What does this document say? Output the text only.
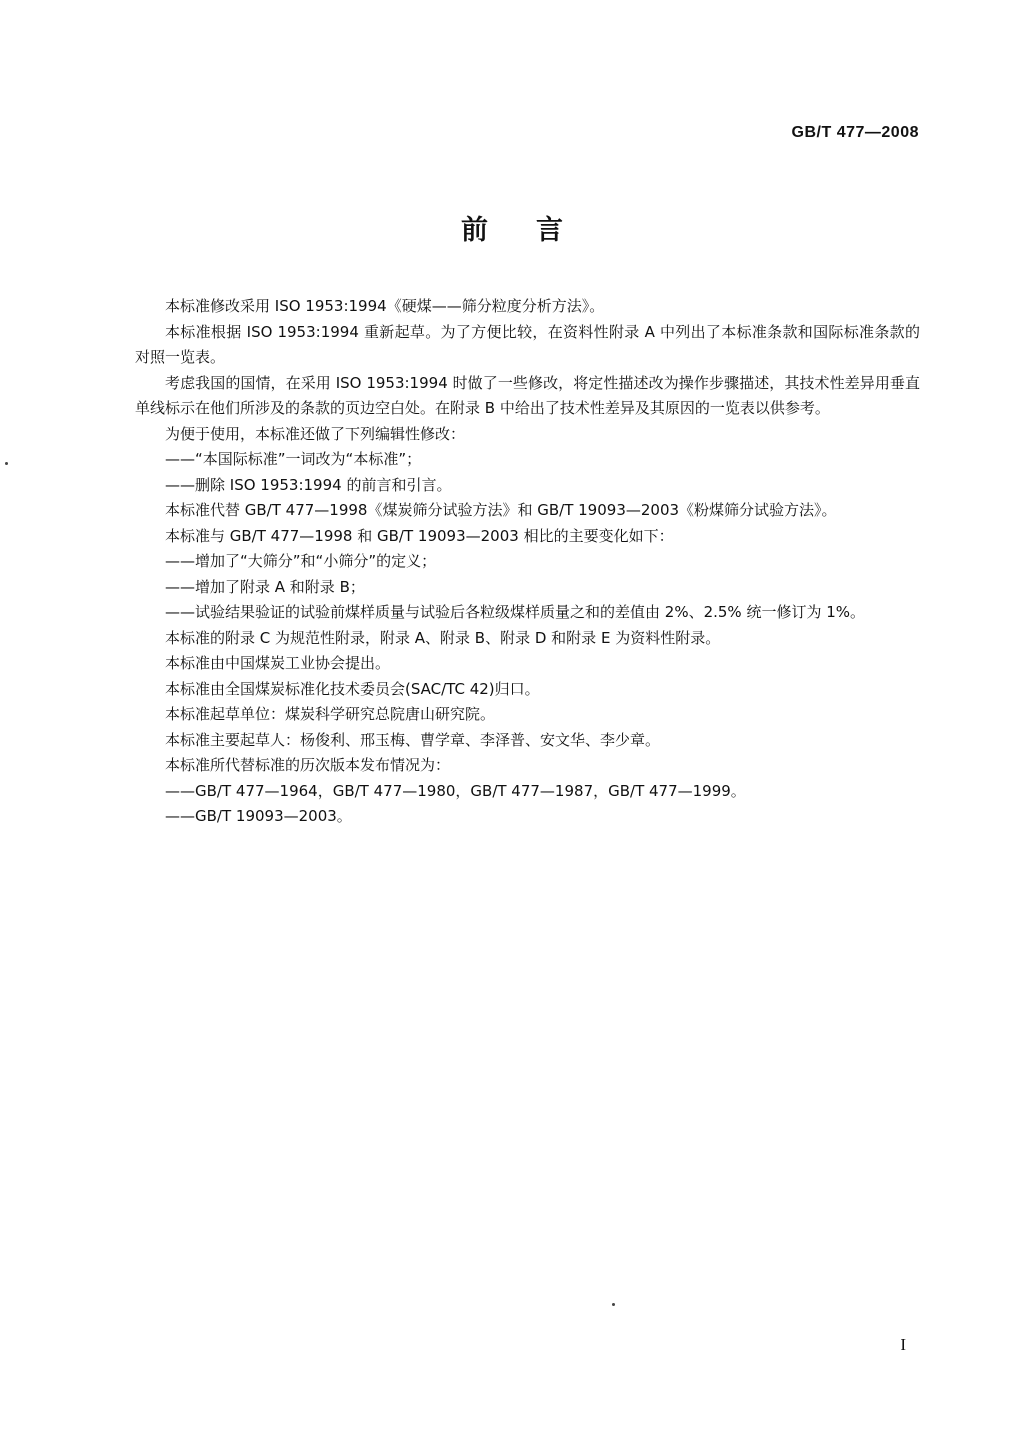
GB/T 477—2008
前言

本标准修改采用 ISO 1953:1994《硬煤——筛分粒度分析方法》。

本标准根据 ISO 1953:1994 重新起草。为了方便比较，在资料性附录 A 中列出了本标准条款和国际标准条款的对照一览表。

考虑我国的国情，在采用 ISO 1953:1994 时做了一些修改，将定性描述改为操作步骤描述，其技术性差异用垂直单线标示在他们所涉及的条款的页边空白处。在附录 B 中给出了技术性差异及其原因的一览表以供参考。

为便于使用，本标准还做了下列编辑性修改：

——“本国际标准”一词改为“本标准”；

——删除 ISO 1953:1994 的前言和引言。

本标准代替 GB/T 477—1998《煤炭筛分试验方法》和 GB/T 19093—2003《粉煤筛分试验方法》。

本标准与 GB/T 477—1998 和 GB/T 19093—2003 相比的主要变化如下：

——增加了“大筛分”和“小筛分”的定义；

——增加了附录 A 和附录 B；

——试验结果验证的试验前煤样质量与试验后各粒级煤样质量之和的差值由 2%、2.5% 统一修订为 1%。

本标准的附录 C 为规范性附录，附录 A、附录 B、附录 D 和附录 E 为资料性附录。

本标准由中国煤炭工业协会提出。

本标准由全国煤炭标准化技术委员会(SAC/TC 42)归口。

本标准起草单位：煤炭科学研究总院唐山研究院。

本标准主要起草人：杨俊利、邢玉梅、曹学章、李泽普、安文华、李少章。

本标准所代替标准的历次版本发布情况为：

——GB/T 477—1964，GB/T 477—1980，GB/T 477—1987，GB/T 477—1999。

——GB/T 19093—2003。

I
